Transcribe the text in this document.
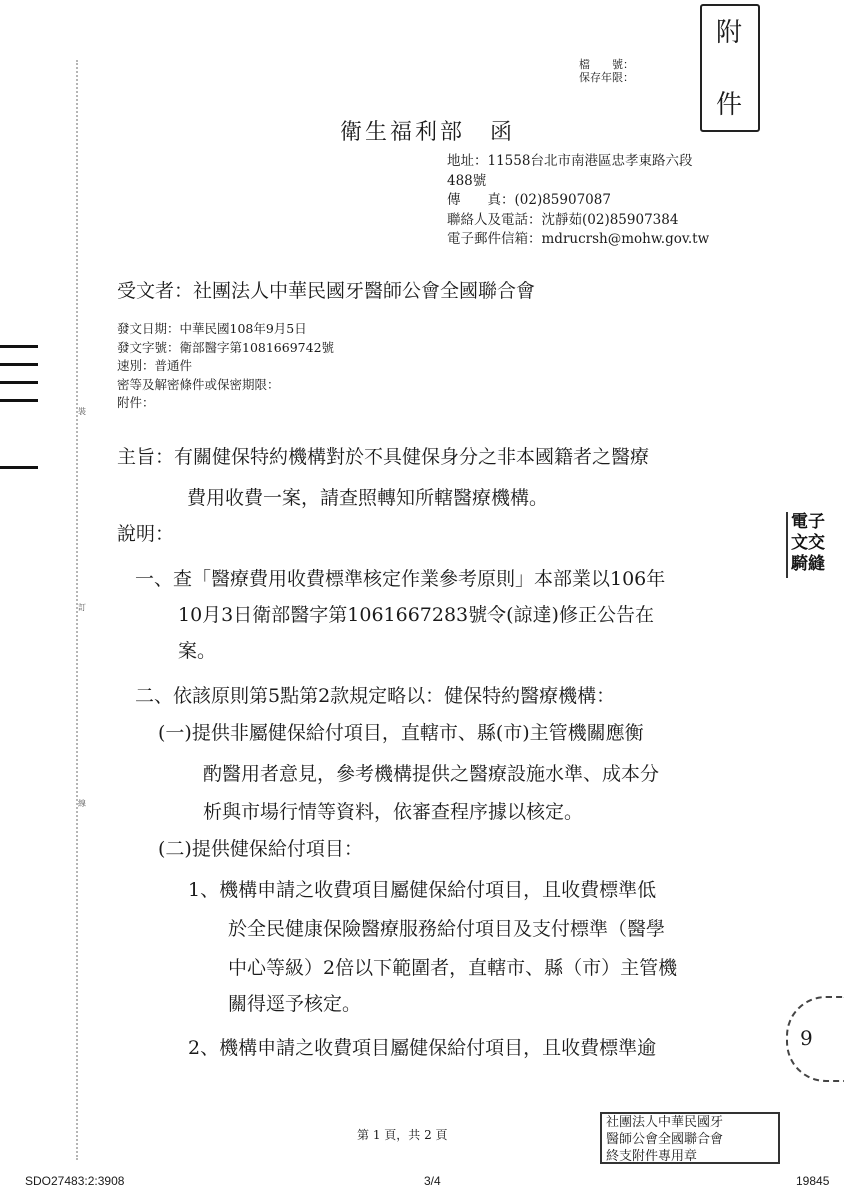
附
件
裝
訂
線
檔　　號：
保存年限：
衛生福利部　函
地址：11558台北市南港區忠孝東路六段
488號
傳　　真：(02)85907087
聯絡人及電話：沈靜茹(02)85907384
電子郵件信箱：mdrucrsh@mohw.gov.tw
受文者：社團法人中華民國牙醫師公會全國聯合會
發文日期：中華民國108年9月5日
發文字號：衛部醫字第1081669742號
速別：普通件
密等及解密條件或保密期限：
附件：
主旨：有關健保特約機構對於不具健保身分之非本國籍者之醫療
費用收費一案，請查照轉知所轄醫療機構。
說明：
一、查「醫療費用收費標準核定作業參考原則」本部業以106年
10月3日衛部醫字第1061667283號令(諒達)修正公告在
案。
二、依該原則第5點第2款規定略以：健保特約醫療機構：
(一)提供非屬健保給付項目，直轄市、縣(市)主管機關應衡
酌醫用者意見，參考機構提供之醫療設施水準、成本分
析與市場行情等資料，依審查程序據以核定。
(二)提供健保給付項目：
1、機構申請之收費項目屬健保給付項目，且收費標準低
於全民健康保險醫療服務給付項目及支付標準（醫學
中心等級）2倍以下範圍者，直轄市、縣（市）主管機
關得逕予核定。
2、機構申請之收費項目屬健保給付項目，且收費標準逾
電子
文交
騎縫
9
第 1 頁，共 2 頁
社團法人中華民國牙
醫師公會全國聯合會
終支附件專用章
SDO27483:2:3908	3/4	19845
